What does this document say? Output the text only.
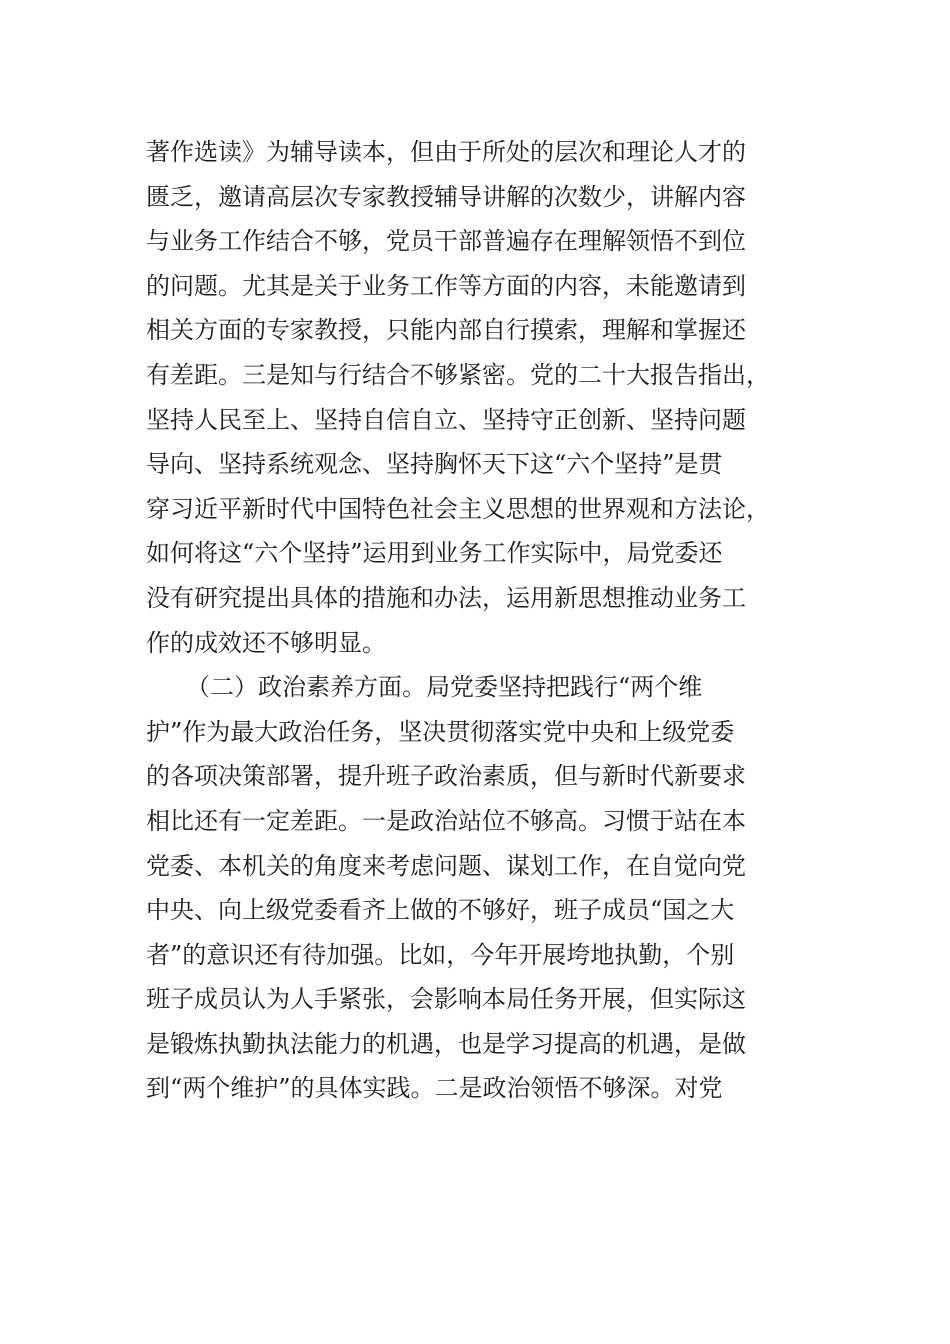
著作选读》为辅导读本，但由于所处的层次和理论人才的
匮乏，邀请高层次专家教授辅导讲解的次数少，讲解内容
与业务工作结合不够，党员干部普遍存在理解领悟不到位
的问题。尤其是关于业务工作等方面的内容，未能邀请到
相关方面的专家教授，只能内部自行摸索，理解和掌握还
有差距。三是知与行结合不够紧密。党的二十大报告指出，
坚持人民至上、坚持自信自立、坚持守正创新、坚持问题
导向、坚持系统观念、坚持胸怀天下这“六个坚持”是贯
穿习近平新时代中国特色社会主义思想的世界观和方法论，
如何将这“六个坚持”运用到业务工作实际中，局党委还
没有研究提出具体的措施和办法，运用新思想推动业务工
作的成效还不够明显。
（二）政治素养方面。局党委坚持把践行“两个维
护”作为最大政治任务，坚决贯彻落实党中央和上级党委
的各项决策部署，提升班子政治素质，但与新时代新要求
相比还有一定差距。一是政治站位不够高。习惯于站在本
党委、本机关的角度来考虑问题、谋划工作，在自觉向党
中央、向上级党委看齐上做的不够好，班子成员“国之大
者”的意识还有待加强。比如，今年开展垮地执勤，个别
班子成员认为人手紧张，会影响本局任务开展，但实际这
是锻炼执勤执法能力的机遇，也是学习提高的机遇，是做
到“两个维护”的具体实践。二是政治领悟不够深。对党
